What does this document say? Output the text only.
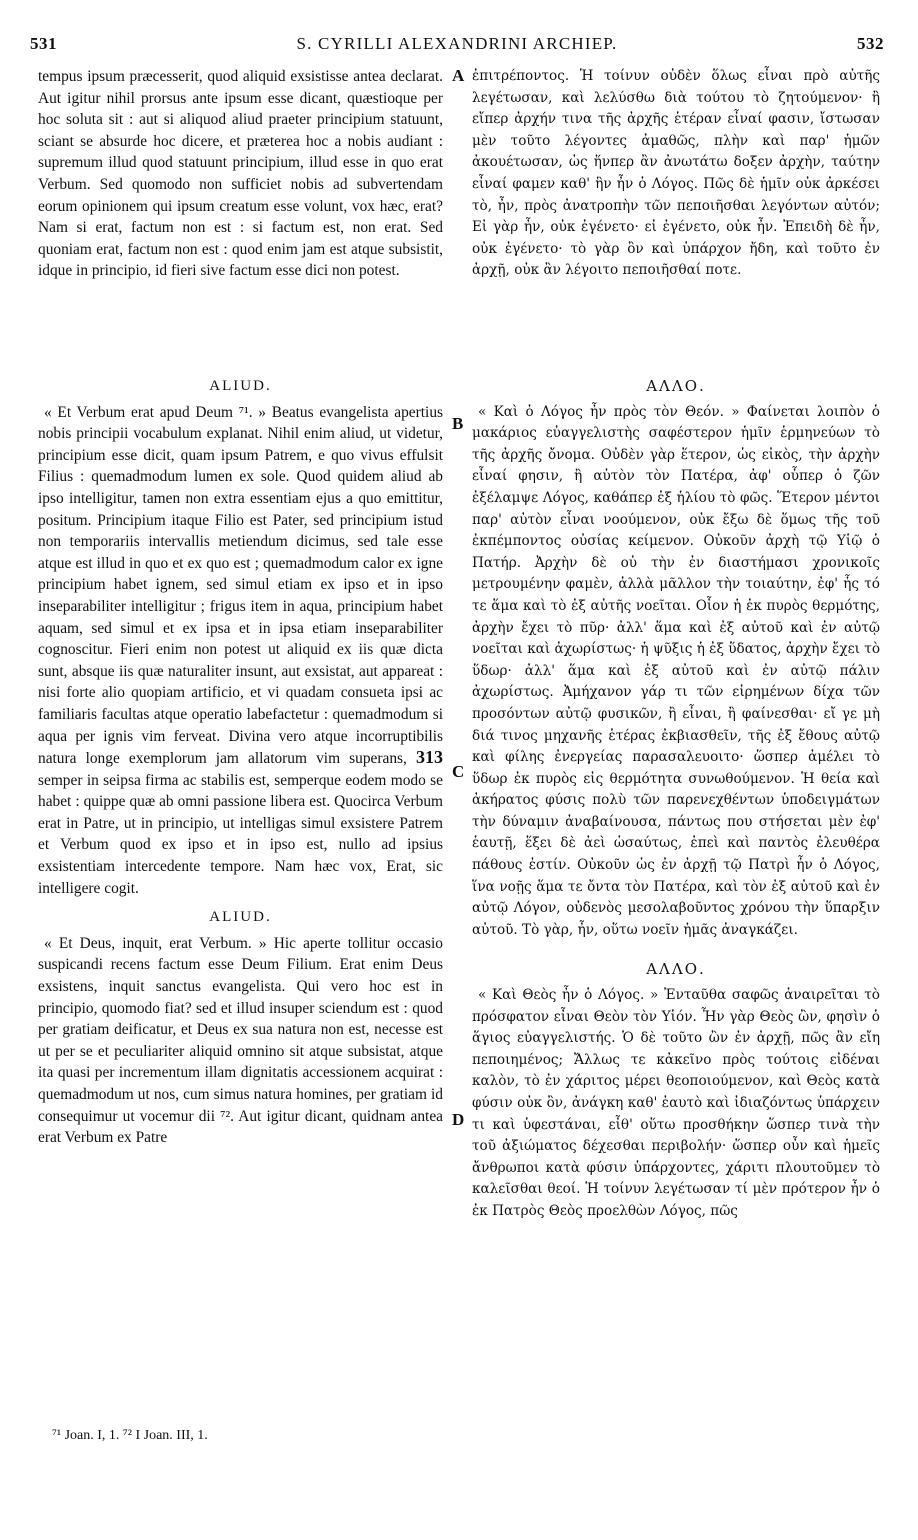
531	S. CYRILLI ALEXANDRINI ARCHIEP.	532

tempus ipsum præcesserit, quod aliquid exsistisse antea declarat. Aut igitur nihil prorsus ante ipsum esse dicant, quæstioque per hoc soluta sit : aut si aliquod aliud praeter principium statuunt, sciant se absurde hoc dicere, et præterea hoc a nobis audiant : supremum illud quod statuunt principium, illud esse in quo erat Verbum. Sed quomodo non sufficiet nobis ad subvertendam eorum opinionem qui ipsum creatum esse volunt, vox hæc, erat? Nam si erat, factum non est : si factum est, non erat. Sed quoniam erat, factum non est : quod enim jam est atque subsistit, idque in principio, id fieri sive factum esse dici non potest.

ALIUD.

« Et Verbum erat apud Deum ⁷¹. » Beatus evangelista apertius nobis principii vocabulum explanat. Nihil enim aliud, ut videtur, principium esse dicit, quam ipsum Patrem, e quo vivus effulsit Filius : quemadmodum lumen ex sole. Quod quidem aliud ab ipso intelligitur, tamen non extra essentiam ejus a quo emittitur, positum. Principium itaque Filio est Pater, sed principium istud non temporariis intervallis metiendum dicimus, sed tale esse atque est illud in quo et ex quo est ; quemadmodum calor ex igne principium habet ignem, sed simul etiam ex ipso et in ipso inseparabiliter intelligitur ; frigus item in aqua, principium habet aquam, sed simul et ex ipsa et in ipsa etiam inseparabiliter cognoscitur. Fieri enim non potest ut aliquid ex iis quæ dicta sunt, absque iis quæ naturaliter insunt, aut exsistat, aut appareat : nisi forte alio quopiam artificio, et vi quadam consueta ipsi ac familiaris facultas atque operatio labefactetur : quemadmodum si aqua per ignis vim ferveat. Divina vero atque incorruptibilis natura longe exemplorum jam allatorum vim superans, 313 semper in seipsa firma ac stabilis est, semperque eodem modo se habet : quippe quæ ab omni passione libera est. Quocirca Verbum erat in Patre, ut in principio, ut intelligas simul exsistere Patrem et Verbum quod ex ipso et in ipso est, nullo ad ipsius exsistentiam intercedente tempore. Nam hæc vox, Erat, sic intelligere cogit.

ALIUD.

« Et Deus, inquit, erat Verbum. » Hic aperte tollitur occasio suspicandi recens factum esse Deum Filium. Erat enim Deus exsistens, inquit sanctus evangelista. Qui vero hoc est in principio, quomodo fiat? sed et illud insuper sciendum est : quod per gratiam deificatur, et Deus ex sua natura non est, necesse est ut per se et peculiariter aliquid omnino sit atque subsistat, atque ita quasi per incrementum illam dignitatis accessionem acquirat : quemadmodum ut nos, cum simus natura homines, per gratiam id consequimur ut vocemur dii ⁷². Aut igitur dicant, quidnam antea erat Verbum ex Patre

A
B
C
D

ἐπιτρέποντος. Ἡ τοίνυν οὐδὲν ὅλως εἶναι πρὸ αὐτῆς λεγέτωσαν, καὶ λελύσθω διὰ τούτου τὸ ζητούμενον· ἢ εἴπερ ἀρχήν τινα τῆς ἀρχῆς ἑτέραν εἶναί φασιν, ἴστωσαν μὲν τοῦτο λέγοντες ἀμαθῶς, πλὴν καὶ παρ' ἡμῶν ἀκουέτωσαν, ὡς ἥνπερ ἂν ἀνωτάτω δοξεν ἀρχὴν, ταύτην εἶναί φαμεν καθ' ἣν ἦν ὁ Λόγος. Πῶς δὲ ἡμῖν οὐκ ἀρκέσει τὸ, ἦν, πρὸς ἀνατροπὴν τῶν πεποιῆσθαι λεγόντων αὐτόν; Εἰ γὰρ ἦν, οὐκ ἐγένετο· εἰ ἐγένετο, οὐκ ἦν. Ἐπειδὴ δὲ ἦν, οὐκ ἐγένετο· τὸ γὰρ ὂν καὶ ὑπάρχον ἤδη, καὶ τοῦτο ἐν ἀρχῇ, οὐκ ἂν λέγοιτο πεποιῆσθαί ποτε.

ΑΛΛΟ.

« Καὶ ὁ Λόγος ἦν πρὸς τὸν Θεόν. » Φαίνεται λοιπὸν ὁ μακάριος εὐαγγελιστὴς σαφέστερον ἡμῖν ἑρμηνεύων τὸ τῆς ἀρχῆς ὄνομα. Οὐδὲν γὰρ ἕτερον, ὡς εἰκὸς, τὴν ἀρχὴν εἶναί φησιν, ἢ αὐτὸν τὸν Πατέρα, ἀφ' οὗπερ ὁ ζῶν ἐξέλαμψε Λόγος, καθάπερ ἐξ ἡλίου τὸ φῶς. Ἕτερον μέντοι παρ' αὐτὸν εἶναι νοούμενον, οὐκ ἔξω δὲ ὅμως τῆς τοῦ ἐκπέμποντος οὐσίας κείμενον. Οὐκοῦν ἀρχὴ τῷ Υἱῷ ὁ Πατήρ. Ἀρχὴν δὲ οὐ τὴν ἐν διαστήμασι χρονικοῖς μετρουμένην φαμὲν, ἀλλὰ μᾶλλον τὴν τοιαύτην, ἐφ' ἧς τό τε ἅμα καὶ τὸ ἐξ αὐτῆς νοεῖται. Οἷον ἡ ἐκ πυρὸς θερμότης, ἀρχὴν ἔχει τὸ πῦρ· ἀλλ' ἅμα καὶ ἐξ αὐτοῦ καὶ ἐν αὐτῷ νοεῖται καὶ ἀχωρίστως· ἡ ψῦξις ἡ ἐξ ὕδατος, ἀρχὴν ἔχει τὸ ὕδωρ· ἀλλ' ἅμα καὶ ἐξ αὐτοῦ καὶ ἐν αὐτῷ πάλιν ἀχωρίστως. Ἀμήχανον γάρ τι τῶν εἰρημένων δίχα τῶν προσόντων αὐτῷ φυσικῶν, ἢ εἶναι, ἢ φαίνεσθαι· εἴ γε μὴ διά τινος μηχανῆς ἑτέρας ἐκβιασθεῖν, τῆς ἐξ ἔθους αὐτῷ καὶ φίλης ἐνεργείας παρασαλευοιτο· ὥσπερ ἀμέλει τὸ ὕδωρ ἐκ πυρὸς εἰς θερμότητα συνωθούμενον. Ἡ θεία καὶ ἀκήρατος φύσις πολὺ τῶν παρενεχθέντων ὑποδειγμάτων τὴν δύναμιν ἀναβαίνουσα, πάντως που στήσεται μὲν ἐφ' ἑαυτῇ, ἕξει δὲ ἀεὶ ὡσαύτως, ἐπεὶ καὶ παντὸς ἐλευθέρα πάθους ἐστίν. Οὐκοῦν ὡς ἐν ἀρχῇ τῷ Πατρὶ ἦν ὁ Λόγος, ἵνα νοῇς ἅμα τε ὄντα τὸν Πατέρα, καὶ τὸν ἐξ αὐτοῦ καὶ ἐν αὐτῷ Λόγον, οὐδενὸς μεσολαβοῦντος χρόνου τὴν ὕπαρξιν αὐτοῦ. Τὸ γὰρ, ἦν, οὕτω νοεῖν ἡμᾶς ἀναγκάζει.

ΑΛΛΟ.

« Καὶ Θεὸς ἦν ὁ Λόγος. » Ἐνταῦθα σαφῶς ἀναιρεῖται τὸ πρόσφατον εἶναι Θεὸν τὸν Υἱόν. Ἦν γὰρ Θεὸς ὢν, φησὶν ὁ ἅγιος εὐαγγελιστής. Ὁ δὲ τοῦτο ὢν ἐν ἀρχῇ, πῶς ἂν εἴη πεποιημένος; Ἄλλως τε κἀκεῖνο πρὸς τούτοις εἰδέναι καλὸν, τὸ ἐν χάριτος μέρει θεοποιούμενον, καὶ Θεὸς κατὰ φύσιν οὐκ ὂν, ἀνάγκη καθ' ἑαυτὸ καὶ ἰδιαζόντως ὑπάρχειν τι καὶ ὑφεστάναι, εἶθ' οὕτω προσθήκην ὥσπερ τινὰ τὴν τοῦ ἀξιώματος δέχεσθαι περιβολήν· ὥσπερ οὖν καὶ ἡμεῖς ἄνθρωποι κατὰ φύσιν ὑπάρχοντες, χάριτι πλουτοῦμεν τὸ καλεῖσθαι θεοί. Ἡ τοίνυν λεγέτωσαν τί μὲν πρότερον ἦν ὁ ἐκ Πατρὸς Θεὸς προελθὼν Λόγος, πῶς

⁷¹ Joan. I, 1. ⁷² I Joan. III, 1.
